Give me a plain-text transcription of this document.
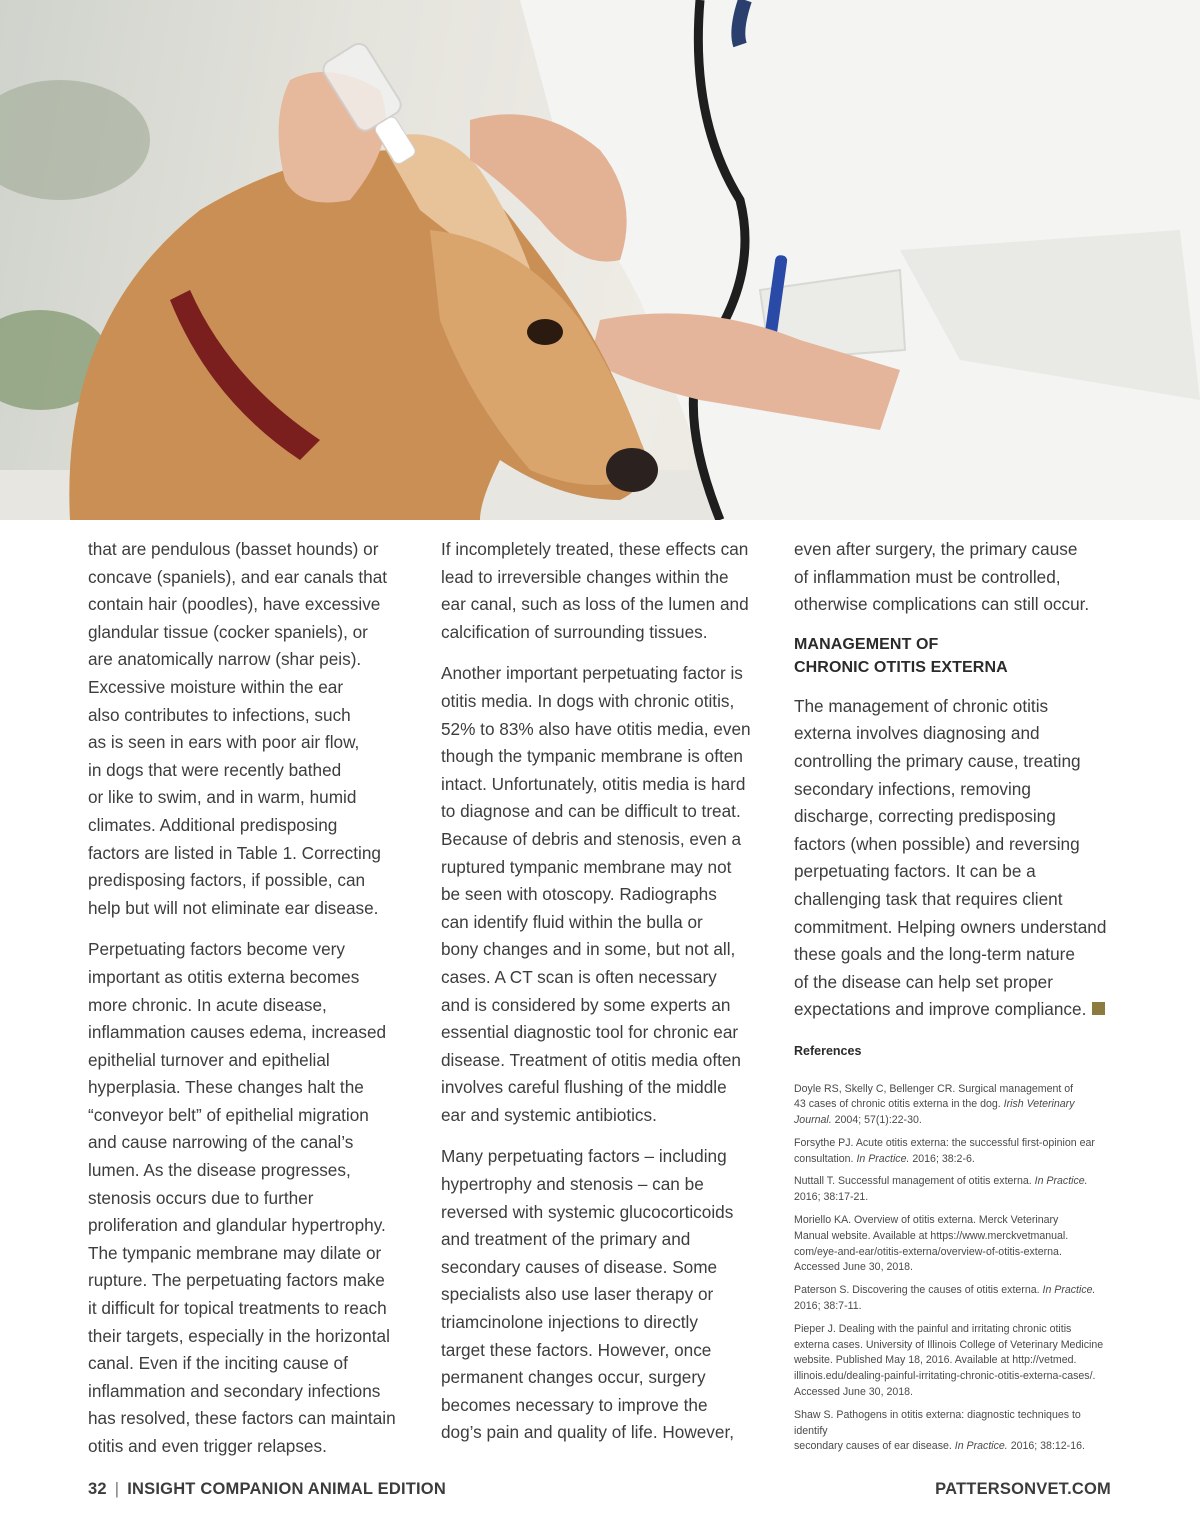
that are pendulous (basset hounds) or
concave (spaniels), and ear canals that
contain hair (poodles), have excessive
glandular tissue (cocker spaniels), or
are anatomically narrow (shar peis).
Excessive moisture within the ear
also contributes to infections, such
as is seen in ears with poor air flow,
in dogs that were recently bathed
or like to swim, and in warm, humid
climates. Additional predisposing
factors are listed in Table 1. Correcting
predisposing factors, if possible, can
help but will not eliminate ear disease.

Perpetuating factors become very
important as otitis externa becomes
more chronic. In acute disease,
inflammation causes edema, increased
epithelial turnover and epithelial
hyperplasia. These changes halt the
“conveyor belt” of epithelial migration
and cause narrowing of the canal’s
lumen. As the disease progresses,
stenosis occurs due to further
proliferation and glandular hypertrophy.
The tympanic membrane may dilate or
rupture. The perpetuating factors make
it difficult for topical treatments to reach
their targets, especially in the horizontal
canal. Even if the inciting cause of
inflammation and secondary infections
has resolved, these factors can maintain
otitis and even trigger relapses.

If incompletely treated, these effects can
lead to irreversible changes within the
ear canal, such as loss of the lumen and
calcification of surrounding tissues.

Another important perpetuating factor is
otitis media. In dogs with chronic otitis,
52% to 83% also have otitis media, even
though the tympanic membrane is often
intact. Unfortunately, otitis media is hard
to diagnose and can be difficult to treat.
Because of debris and stenosis, even a
ruptured tympanic membrane may not
be seen with otoscopy. Radiographs
can identify fluid within the bulla or
bony changes and in some, but not all,
cases. A CT scan is often necessary
and is considered by some experts an
essential diagnostic tool for chronic ear
disease. Treatment of otitis media often
involves careful flushing of the middle
ear and systemic antibiotics.

Many perpetuating factors – including
hypertrophy and stenosis – can be
reversed with systemic glucocorticoids
and treatment of the primary and
secondary causes of disease. Some
specialists also use laser therapy or
triamcinolone injections to directly
target these factors. However, once
permanent changes occur, surgery
becomes necessary to improve the
dog’s pain and quality of life. However,

even after surgery, the primary cause
of inflammation must be controlled,
otherwise complications can still occur.

MANAGEMENT OF
CHRONIC OTITIS EXTERNA

The management of chronic otitis
externa involves diagnosing and
controlling the primary cause, treating
secondary infections, removing
discharge, correcting predisposing
factors (when possible) and reversing
perpetuating factors. It can be a
challenging task that requires client
commitment. Helping owners understand
these goals and the long-term nature
of the disease can help set proper
expectations and improve compliance.

References
Doyle RS, Skelly C, Bellenger CR. Surgical management of
43 cases of chronic otitis externa in the dog. Irish Veterinary
Journal. 2004; 57(1):22-30.
Forsythe PJ. Acute otitis externa: the successful first-opinion ear
consultation. In Practice. 2016; 38:2-6.
Nuttall T. Successful management of otitis externa. In Practice.
2016; 38:17-21.
Moriello KA. Overview of otitis externa. Merck Veterinary
Manual website. Available at https://www.merckvetmanual.
com/eye-and-ear/otitis-externa/overview-of-otitis-externa.
Accessed June 30, 2018.
Paterson S. Discovering the causes of otitis externa. In Practice.
2016; 38:7-11.
Pieper J. Dealing with the painful and irritating chronic otitis
externa cases. University of Illinois College of Veterinary Medicine
website. Published May 18, 2016. Available at http://vetmed.
illinois.edu/dealing-painful-irritating-chronic-otitis-externa-cases/.
Accessed June 30, 2018.
Shaw S. Pathogens in otitis externa: diagnostic techniques to identify
secondary causes of ear disease. In Practice. 2016; 38:12-16.
32 | INSIGHT COMPANION ANIMAL EDITION	PATTERSONVET.COM
